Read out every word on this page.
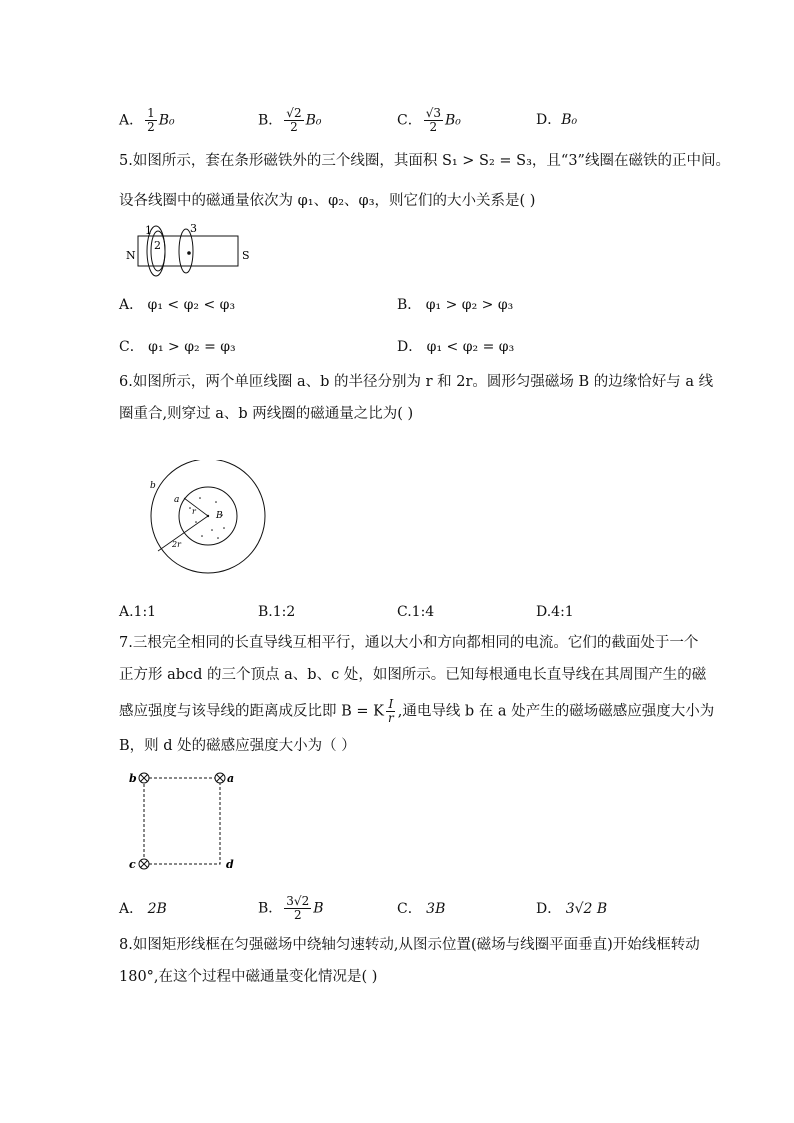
A． $\frac{1}{2} B_0$	B． $\frac{√2}{2} B_0$	C． $\frac{√3}{2} B_0$	D．B₀
5.如图所示，套在条形磁铁外的三个线圈，其面积 S₁ > S₂ = S₃，且“3”线圈在磁铁的正中间。
设各线圈中的磁通量依次为 φ₁、φ₂、φ₃，则它们的大小关系是( )
N	S
1
2
3
A． φ₁ < φ₂ < φ₃	B． φ₁ > φ₂ > φ₃
C． φ₁ > φ₂ = φ₃	D． φ₁ < φ₂ = φ₃
6.如图所示，两个单匝线圈 a、b 的半径分别为 r 和 2r。圆形匀强磁场 B 的边缘恰好与 a 线
圈重合,则穿过 a、b 两线圈的磁通量之比为( )
b
a
r B
2r
A.1:1	B.1:2	C.1:4	D.4:1
7.三根完全相同的长直导线互相平行，通以大小和方向都相同的电流。它们的截面处于一个
正方形 abcd 的三个顶点 a、b、c 处，如图所示。已知每根通电长直导线在其周围产生的磁
感应强度与该导线的距离成反比即 B = K $\frac{I}{r}$ ,通电导线 b 在 a 处产生的磁场磁感应强度大小为
B，则 d 处的磁感应强度大小为（ ）
b	a
c	d
A． 2B	B． $\frac{3√2}{2}$ B	C． 3B	D． 3√2 B
8.如图矩形线框在匀强磁场中绕轴匀速转动,从图示位置(磁场与线圈平面垂直)开始线框转动
180°,在这个过程中磁通量变化情况是( )
